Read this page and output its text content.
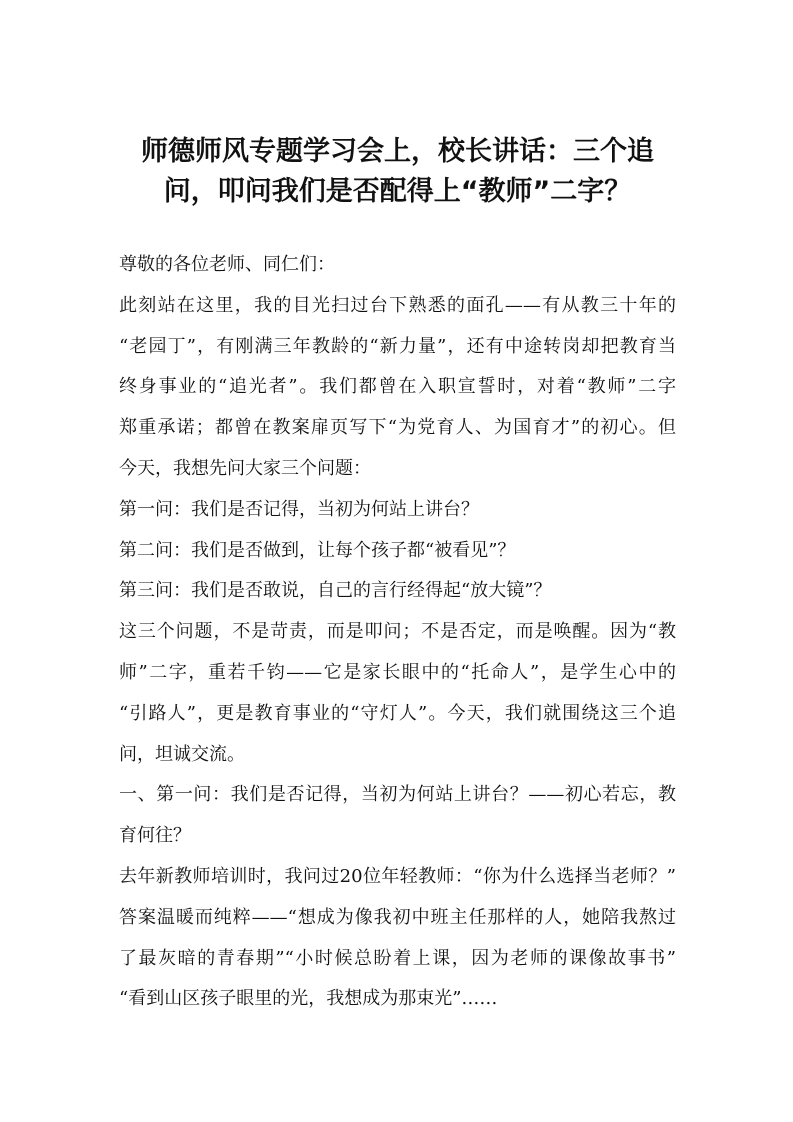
师德师风专题学习会上，校长讲话：三个追
问，叩问我们是否配得上“教师”二字？
尊敬的各位老师、同仁们：
此刻站在这里，我的目光扫过台下熟悉的面孔——有从教三十年的
“老园丁”，有刚满三年教龄的“新力量”，还有中途转岗却把教育当
终身事业的“追光者”。我们都曾在入职宣誓时，对着“教师”二字
郑重承诺；都曾在教案扉页写下“为党育人、为国育才”的初心。但
今天，我想先问大家三个问题：
第一问：我们是否记得，当初为何站上讲台？
第二问：我们是否做到，让每个孩子都“被看见”？
第三问：我们是否敢说，自己的言行经得起“放大镜”？
这三个问题，不是苛责，而是叩问；不是否定，而是唤醒。因为“教
师”二字，重若千钧——它是家长眼中的“托命人”，是学生心中的
“引路人”，更是教育事业的“守灯人”。今天，我们就围绕这三个追
问，坦诚交流。
一、第一问：我们是否记得，当初为何站上讲台？——初心若忘，教
育何往？
去年新教师培训时，我问过20位年轻教师：“你为什么选择当老师？”
答案温暖而纯粹——“想成为像我初中班主任那样的人，她陪我熬过
了最灰暗的青春期”“小时候总盼着上课，因为老师的课像故事书”
“看到山区孩子眼里的光，我想成为那束光”……
